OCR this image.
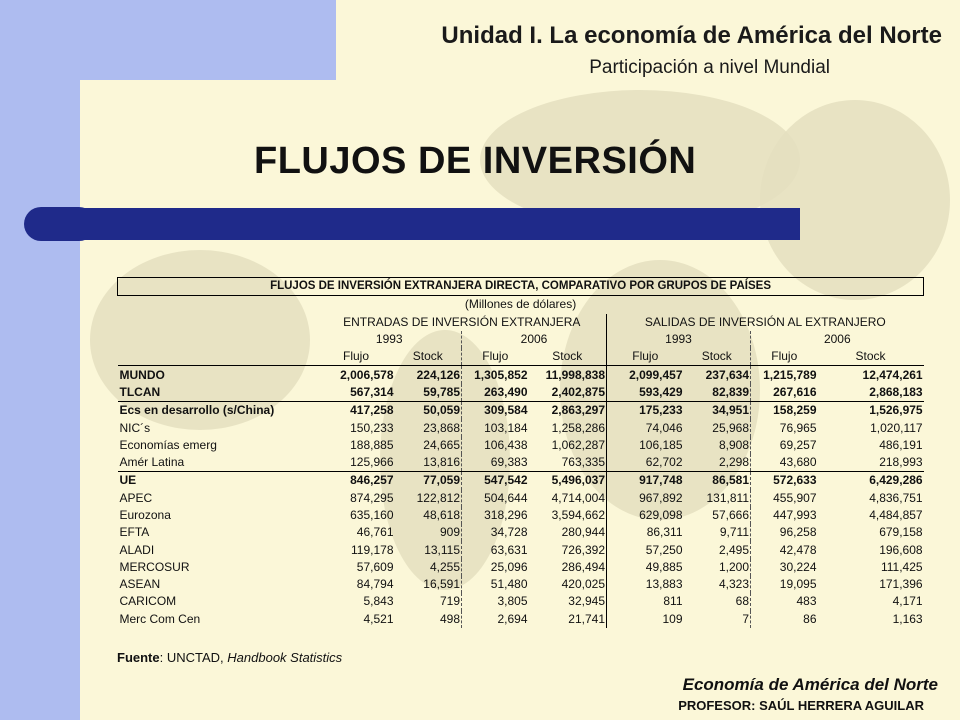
Unidad I. La economía de América del Norte
Participación a nivel Mundial
FLUJOS DE INVERSIÓN
FLUJOS DE INVERSIÓN EXTRANJERA DIRECTA, COMPARATIVO POR GRUPOS DE PAÍSES								
(Millones de dólares)								
	ENTRADAS DE INVERSIÓN EXTRANJERA				SALIDAS DE INVERSIÓN AL EXTRANJERO			
	1993		2006		1993		2006	
	Flujo	Stock	Flujo	Stock	Flujo	Stock	Flujo	Stock
MUNDO	2,006,578	224,126	1,305,852	11,998,838	2,099,457	237,634	1,215,789	12,474,261
TLCAN	567,314	59,785	263,490	2,402,875	593,429	82,839	267,616	2,868,183
Ecs en desarrollo (s/China)	417,258	50,059	309,584	2,863,297	175,233	34,951	158,259	1,526,975
NIC´s	150,233	23,868	103,184	1,258,286	74,046	25,968	76,965	1,020,117
Economías emerg	188,885	24,665	106,438	1,062,287	106,185	8,908	69,257	486,191
Amér Latina	125,966	13,816	69,383	763,335	62,702	2,298	43,680	218,993
UE	846,257	77,059	547,542	5,496,037	917,748	86,581	572,633	6,429,286
APEC	874,295	122,812	504,644	4,714,004	967,892	131,811	455,907	4,836,751
Eurozona	635,160	48,618	318,296	3,594,662	629,098	57,666	447,993	4,484,857
EFTA	46,761	909	34,728	280,944	86,311	9,711	96,258	679,158
ALADI	119,178	13,115	63,631	726,392	57,250	2,495	42,478	196,608
MERCOSUR	57,609	4,255	25,096	286,494	49,885	1,200	30,224	111,425
ASEAN	84,794	16,591	51,480	420,025	13,883	4,323	19,095	171,396
CARICOM	5,843	719	3,805	32,945	811	68	483	4,171
Merc Com Cen	4,521	498	2,694	21,741	109	7	86	1,163
Fuente: UNCTAD, Handbook Statistics
Economía de América del Norte
PROFESOR: SAÚL HERRERA AGUILAR
